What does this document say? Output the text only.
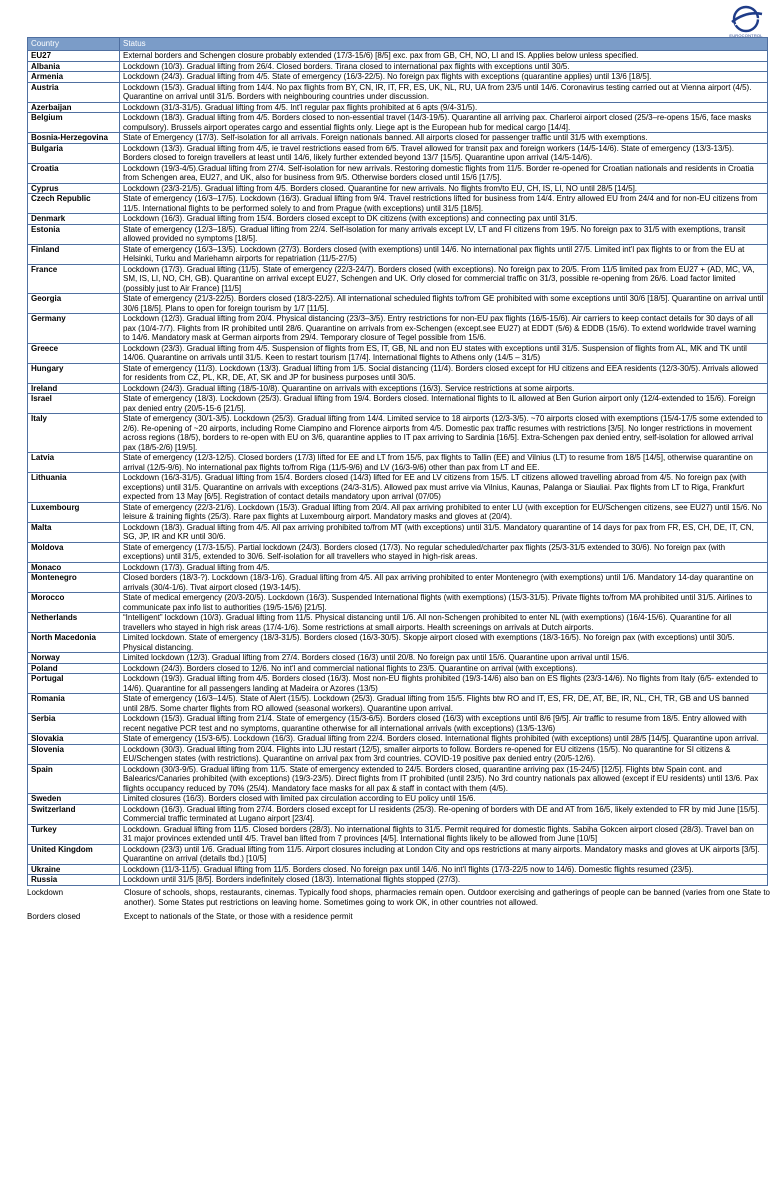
EUROCONTROL
Country	Status
EU27	External borders and Schengen closure probably extended (17/3-15/6) [8/5] exc. pax from GB, CH, NO, LI and IS. Applies below unless specified.
Albania	Lockdown (10/3). Gradual lifting from 26/4. Closed borders. Tirana closed to international pax flights with exceptions until 30/5.
Armenia	Lockdown (24/3). Gradual lifting from 4/5. State of emergency (16/3-22/5). No foreign pax flights with exceptions (quarantine applies) until 13/6 [18/5].
Austria	Lockdown (15/3). Gradual lifting from 14/4. No pax flights from BY, CN, IR, IT, FR, ES, UK, NL, RU, UA from 23/5 until 14/6. Coronavirus testing carried out at Vienna airport (4/5). Quarantine on arrival until 31/5. Borders with neighbouring countries under discussion.
Azerbaijan	Lockdown (31/3-31/5). Gradual lifting from 4/5. Int'l regular pax flights prohibited at 6 apts (9/4-31/5).
Belgium	Lockdown (18/3). Gradual lifting from 4/5. Borders closed to non-essential travel (14/3-19/5). Quarantine all arriving pax. Charleroi airport closed (25/3–re-opens 15/6, face masks compulsory). Brussels airport operates cargo and essential flights only. Liege apt is the European hub for medical cargo [14/4].
Bosnia-Herzegovina	State of Emergency (17/3). Self-isolation for all arrivals. Foreign nationals banned. All airports closed for passenger traffic until 31/5 with exemptions.
Bulgaria	Lockdown (13/3). Gradual lifting from 4/5, ie travel restrictions eased from 6/5. Travel allowed for transit pax and foreign workers (14/5-14/6). State of emergency (13/3-13/5). Borders closed to foreign travellers at least until 14/6, likely further extended beyond 13/7 [15/5]. Quarantine upon arrival (14/5-14/6).
Croatia	Lockdown (19/3-4/5).Gradual lifting from 27/4. Self-isolation for new arrivals. Restoring domestic flights from 11/5. Border re-opened for Croatian nationals and residents in Croatia from Schengen area, EU27, and UK, also for business from 9/5. Otherwise borders closed until 15/6 [17/5].
Cyprus	Lockdown (23/3-21/5). Gradual lifting from 4/5. Borders closed. Quarantine for new arrivals. No flights from/to EU, CH, IS, LI, NO until 28/5 [14/5].
Czech Republic	State of emergency (16/3–17/5). Lockdown (16/3). Gradual lifting from 9/4. Travel restrictions lifted for business from 14/4. Entry allowed EU from 24/4 and for non-EU citizens from 11/5. International flights to be performed solely to and from Prague (with exceptions) until 31/5 [18/5].
Denmark	Lockdown (16/3). Gradual lifting from 15/4. Borders closed except to DK citizens (with exceptions) and connecting pax until 31/5.
Estonia	State of emergency (12/3–18/5). Gradual lifting from 22/4. Self-isolation for many arrivals except LV, LT and FI citizens from 19/5. No foreign pax to 31/5 with exemptions, transit allowed provided no symptoms [18/5].
Finland	State of emergency (16/3–13/5). Lockdown (27/3). Borders closed (with exemptions) until 14/6. No international pax flights until 27/5. Limited int'l pax flights to or from the EU at Helsinki, Turku and Mariehamn airports for repatriation (11/5-27/5)
France	Lockdown (17/3). Gradual lifting (11/5). State of emergency (22/3-24/7). Borders closed (with exceptions). No foreign pax to 20/5. From 11/5 limited pax from EU27 + (AD, MC, VA, SM, IS, LI, NO, CH, GB). Quarantine on arrival except EU27, Schengen and UK. Orly closed for commercial traffic on 31/3, possible re-opening from 26/6. Load factor limited (possibly just to Air France) [11/5]
Georgia	State of emergency (21/3-22/5). Borders closed (18/3-22/5). All international scheduled flights to/from GE prohibited with some exceptions until 30/6 [18/5]. Quarantine on arrival until 30/6 [18/5]. Plans to open for foreign tourism by 1/7 [11/5].
Germany	Lockdown (12/3). Gradual lifting from 20/4. Physical distancing (23/3–3/5). Entry restrictions for non-EU pax flights (16/5-15/6). Air carriers to keep contact details for 30 days of all pax (10/4-7/7). Flights from IR prohibited until 28/6. Quarantine on arrivals from ex-Schengen (except.see EU27) at EDDT (5/6) & EDDB (15/6). To extend worldwide travel warning to 14/6. Mandatory mask at German airports from 29/4. Temporary closure of Tegel possible from 15/6.
Greece	Lockdown (23/3). Gradual lifting from 4/5. Suspension of flights from ES, IT, GB, NL and non EU states with exceptions until 31/5. Suspension of flights from AL, MK and TK until 14/06. Quarantine on arrivals until 31/5. Keen to restart tourism [17/4]. International flights to Athens only (14/5 – 31/5)
Hungary	State of emergency (11/3). Lockdown (13/3). Gradual lifting from 1/5. Social distancing (11/4). Borders closed except for HU citizens and EEA residents (12/3-30/5). Arrivals allowed for residents from CZ, PL, KR, DE, AT, SK and JP for business purposes until 30/5.
Ireland	Lockdown (24/3). Gradual lifting (18/5-10/8). Quarantine on arrivals with exceptions (16/3). Service restrictions at some airports.
Israel	State of emergency (18/3). Lockdown (25/3). Gradual lifting from 19/4. Borders closed. International flights to IL allowed at Ben Gurion airport only (12/4-extended to 15/6). Foreign pax denied entry (20/5-15-6 [21/5].
Italy	State of emergency (30/1-3/5). Lockdown (25/3). Gradual lifting from 14/4. Limited service to 18 airports (12/3-3/5). ~70 airports closed with exemptions (15/4-17/5 some extended to 2/6). Re-opening of ~20 airports, including Rome Ciampino and Florence airports from 4/5. Domestic pax traffic resumes with restrictions [3/5]. No longer restrictions in movement across regions (18/5), borders to re-open with EU on 3/6, quarantine applies to IT pax arriving to Sardinia [16/5]. Extra-Schengen pax denied entry, self-isolation for allowed arrival pax (18/5-2/6) [19/5].
Latvia	State of emergency (12/3-12/5). Closed borders (17/3) lifted for EE and LT from 15/5, pax flights to Tallin (EE) and Vilnius (LT) to resume from 18/5 [14/5], otherwise quarantine on arrival (12/5-9/6). No international pax flights to/from Riga (11/5-9/6) and LV (16/3-9/6) other than pax from LT and EE.
Lithuania	Lockdown (16/3-31/5). Gradual lifting from 15/4. Borders closed (14/3) lifted for EE and LV citizens from 15/5. LT citizens allowed travelling abroad from 4/5. No foreign pax (with exceptions) until 31/5. Quarantine on arrivals with exceptions (24/3-31/5). Allowed pax must arrive via Vilnius, Kaunas, Palanga or Siauliai. Pax flights from LT to Riga, Frankfurt expected from 13 May [6/5]. Registration of contact details mandatory upon arrival (07/05)
Luxembourg	State of emergency (22/3-21/6). Lockdown (15/3). Gradual lifting from 20/4. All pax arriving prohibited to enter LU (with exception for EU/Schengen citizens, see EU27) until 15/6. No leisure & training flights (25/3). Rare pax flights at Luxembourg airport. Mandatory masks and gloves at (20/4).
Malta	Lockdown (18/3). Gradual lifting from 4/5. All pax arriving prohibited to/from MT (with exceptions) until 31/5. Mandatory quarantine of 14 days for pax from FR, ES, CH, DE, IT, CN, SG, JP, IR and KR until 30/6.
Moldova	State of emergency (17/3-15/5). Partial lockdown (24/3). Borders closed (17/3). No regular scheduled/charter pax flights (25/3-31/5 extended to 30/6). No foreign pax (with exceptions) until 31/5, extended to 30/6. Self-isolation for all travellers who stayed in high-risk areas.
Monaco	Lockdown (17/3). Gradual lifting from 4/5.
Montenegro	Closed borders (18/3-?). Lockdown (18/3-1/6). Gradual lifting from 4/5. All pax arriving prohibited to enter Montenegro (with exemptions) until 1/6. Mandatory 14-day quarantine on arrivals (30/4-1/6). Tivat airport closed (19/3-14/5).
Morocco	State of medical emergency (20/3-20/5). Lockdown (16/3). Suspended International flights (with exemptions) (15/3-31/5). Private flights to/from MA prohibited until 31/5. Airlines to communicate pax info list to authorities (19/5-15/6) [21/5].
Netherlands	“Intelligent” lockdown (10/3). Gradual lifting from 11/5. Physical distancing until 1/6. All non-Schengen prohibited to enter NL (with exemptions) (16/4-15/6). Quarantine for all travellers who stayed in high risk areas (17/4-1/6). Some restrictions at small airports. Health screenings on arrivals at Dutch airports.
North Macedonia	Limited lockdown. State of emergency (18/3-31/5). Borders closed (16/3-30/5). Skopje airport closed with exemptions (18/3-16/5). No foreign pax (with exceptions) until 30/5. Physical distancing.
Norway	Limited lockdown (12/3). Gradual lifting from 27/4. Borders closed (16/3) until 20/8. No foreign pax until 15/6. Quarantine upon arrival until 15/6.
Poland	Lockdown (24/3). Borders closed to 12/6. No int'l and commercial national flights to 23/5. Quarantine on arrival (with exceptions).
Portugal	Lockdown (19/3). Gradual lifting from 4/5. Borders closed (16/3). Most non-EU flights prohibited (19/3-14/6) also ban on ES flights (23/3-14/6). No flights from Italy (6/5- extended to 14/6). Quarantine for all passengers landing at Madeira or Azores (13/5)
Romania	State of emergency (16/3–14/5). State of Alert (15/5). Lockdown (25/3). Gradual lifting from 15/5. Flights btw RO and IT, ES, FR, DE, AT, BE, IR, NL, CH, TR, GB and US banned until 28/5. Some charter flights from RO allowed (seasonal workers). Quarantine upon arrival.
Serbia	Lockdown (15/3). Gradual lifting from 21/4. State of emergency (15/3-6/5). Borders closed (16/3) with exceptions until 8/6 [9/5]. Air traffic to resume from 18/5. Entry allowed with recent negative PCR test and no symptoms, quarantine otherwise for all international arrivals (with exceptions) (13/5-13/6)
Slovakia	State of emergency (15/3-6/5). Lockdown (16/3). Gradual lifting from 22/4. Borders closed. International flights prohibited (with exceptions) until 28/5 [14/5]. Quarantine upon arrival.
Slovenia	Lockdown (30/3). Gradual lifting from 20/4. Flights into LJU restart (12/5), smaller airports to follow. Borders re-opened for EU citizens (15/5). No quarantine for SI citizens & EU/Schengen states (with restrictions). Quarantine on arrival pax from 3rd countries. COVID-19 positive pax denied entry (20/5-12/6).
Spain	Lockdown (30/3-9/5). Gradual lifting from 11/5. State of emergency extended to 24/5. Borders closed, quarantine arriving pax (15-24/5) [12/5]. Flights btw Spain cont. and Balearics/Canaries prohibited (with exceptions) (19/3-23/5). Direct flights from IT prohibited (until 23/5). No 3rd country nationals pax allowed (except if EU residents) until 13/6. Pax flights occupancy reduced by 70% (25/4). Mandatory face masks for all pax & staff in contact with them (4/5).
Sweden	Limited closures (16/3). Borders closed with limited pax circulation according to EU policy until 15/6.
Switzerland	Lockdown (16/3). Gradual lifting from 27/4. Borders closed except for LI residents (25/3). Re-opening of borders with DE and AT from 16/5, likely extended to FR by mid June [15/5]. Commercial traffic terminated at Lugano airport [23/4].
Turkey	Lockdown. Gradual lifting from 11/5. Closed borders (28/3). No international flights to 31/5. Permit required for domestic flights. Sabiha Gokcen airport closed (28/3). Travel ban on 31 major provinces extended until 4/5. Travel ban lifted from 7 provinces [4/5]. International flights likely to be allowed from June [10/5]
United Kingdom	Lockdown (23/3) until 1/6. Gradual lifting from 11/5. Airport closures including at London City and ops restrictions at many airports. Mandatory masks and gloves at UK airports [3/5]. Quarantine on arrival (details tbd.) [10/5]
Ukraine	Lockdown (11/3-11/5). Gradual lifting from 11/5. Borders closed. No foreign pax until 14/6. No int'l flights (17/3-22/5 now to 14/6). Domestic flights resumed (23/5).
Russia	Lockdown until 31/5 [8/5]. Borders indefinitely closed (18/3). International flights stopped (27/3).
Lockdown	Closure of schools, shops, restaurants, cinemas. Typically food shops, pharmacies remain open. Outdoor exercising and gatherings of people can be banned (varies from one State to another). Some States put restrictions on leaving home. Sometimes going to work OK, in other countries not allowed.
Borders closed	Except to nationals of the State, or those with a residence permit
